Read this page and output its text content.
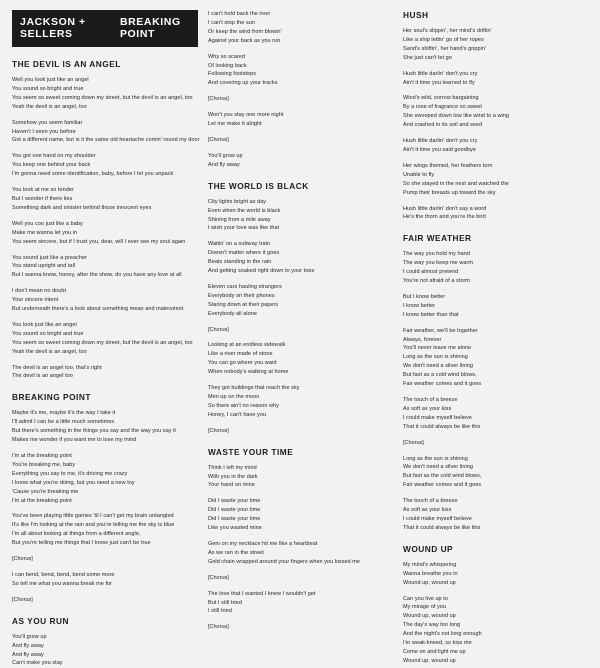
JACKSON + SELLERS
BREAKING POINT
THE DEVIL IS AN ANGEL
Well you look just like an angel
You sound so bright and true
You seem so sweet coming down my street, but the devil is an angel, too
Yeah the devil is an angel, too
Somehow you seem familiar
Haven't I seen you before
Got a different name, but is it the same old heartache comin' round my door
You got one hand on my shoulder
You keep one behind your back
I'm gonna need some identification, baby, before I let you unpack
You look at me so tender
But I wonder if there lies
Something dark and sinister behind those innocent eyes
Well you coo just like a baby
Make me wanna let you in
You seem sincere, but if I trust you, dear, will I ever see my soul again
You sound just like a preacher
You stand upright and tall
But I wanna know, honey, after the show, do you have any love at all
I don't mean no doubt
Your sincere intent
But underneath there's a look about something mean and malevolent
You look just like an angel
You sound so bright and true
You seem so sweet coming down my street, but the devil is an angel, too
Yeah the devil is an angel, too
The devil is an angel too, that's right
The devil is an angel too
BREAKING POINT
Maybe it's me, maybe it's the way I take it
I'll admit I can be a little much sometimes
But there's something in the things you say and the way you say it
Makes me wonder if you want me to lose my mind
I'm at the breaking point
You're breaking me, baby
Everything you say to me, it's driving me crazy
I know what you're doing, but you need a new toy
'Cause you're breaking me
I'm at the breaking point
You've been playing little games 'til I can't get my brain untangled
It's like I'm looking at the rain and you're telling me the sky is blue
I'm all about looking at things from a different angle,
But you're telling me things that I know just can't be true
[Chorus]
I can bend, bend, bend, bend some more
So tell me what you wanna break me for
[Chorus]
AS YOU RUN
You'll grow up
And fly away
And fly away
Can't make you stay
I can't hold back the river
I can't stop the sun
Or keep the wind from blowin'
Against your back as you run
Why so scared
Of looking back
Following footsteps
And covering up your tracks
[Chorus]
Won't you stay one more night
Let me make it alright
[Chorus]
You'll grow up
And fly away
THE WORLD IS BLACK
City lights bright as day
Even when the world is black
Shining from a mile away
I wish your love was like that
Waitin' on a subway train
Doesn't matter where it goes
Beats standing in the rain
And getting soaked right down to your toes
Eleven cars hauling strangers
Everybody on their phones
Staring down at their papers
Everybody all alone
[Chorus]
Looking at an endless sidewalk
Like a river made of stone
You can go where you want
When nobody's walking at home
They got buildings that reach the sky
Men up on the moon
So there ain't no reason why
Honey, I can't have you
[Chorus]
WASTE YOUR TIME
Think I left my mind
With you in the dark
Your hand on mine
Did I waste your time
Did I waste your time
Did I waste your time
Like you wasted mine
Gem on my necklace hit me like a heartbeat
As we ran in the street
Gold chain wrapped around your fingers when you kissed me
[Chorus]
The love that I wanted I knew I wouldn't get
But I still tried
I still tried
[Chorus]
HUSH
Her soul's slippin', her mind's driftin'
Like a ship lettin' go of her ropes
Sand's shiftin', her hand's grippin'
She just can't let go
Hush little darlin' don't you cry
Ain't it time you learned to fly
Wind's wild, sorrow bargaining
By a rose of fragrance so sweet
She swooped down low like wind to a wing
And crashed in its soil and seed
Hush little darlin' don't you cry
Ain't it time you said goodbye
Her wings themed, her feathers torn
Unable to fly
So she stayed in the nest and watched the
Pump their breasts up toward the sky
Hush little darlin' don't say a word
He's the thorn and you're the bird
FAIR WEATHER
The way you hold my hand
The way you keep me warm
I could almost pretend
You're not afraid of a storm
But I know better
I know better
I know better than that
Fair weather, we'll be together
Always, forever
You'll never leave me alone
Long as the sun is shining
We don't need a silver lining
But fast as a cold wind blows,
Fair weather comes and it goes
The touch of a breeze
As soft as your kiss
I could make myself believe
That it could always be like this
[Chorus]
Long as the sun is shining
We don't need a silver lining
But fast as the cold wind blows,
Fair weather comes and it goes
The touch of a breeze
As soft as your kiss
I could make myself believe
That it could always be like this
WOUND UP
My mind's whispering
Wanna breathe you in
Wound up, wound up
Can you live up to
My mirage of you
Wound up, wound up
The day's way too long
And the night's not long enough
I'm weak-kneed, so kiss me
Come on and light me up
Wound up, wound up
